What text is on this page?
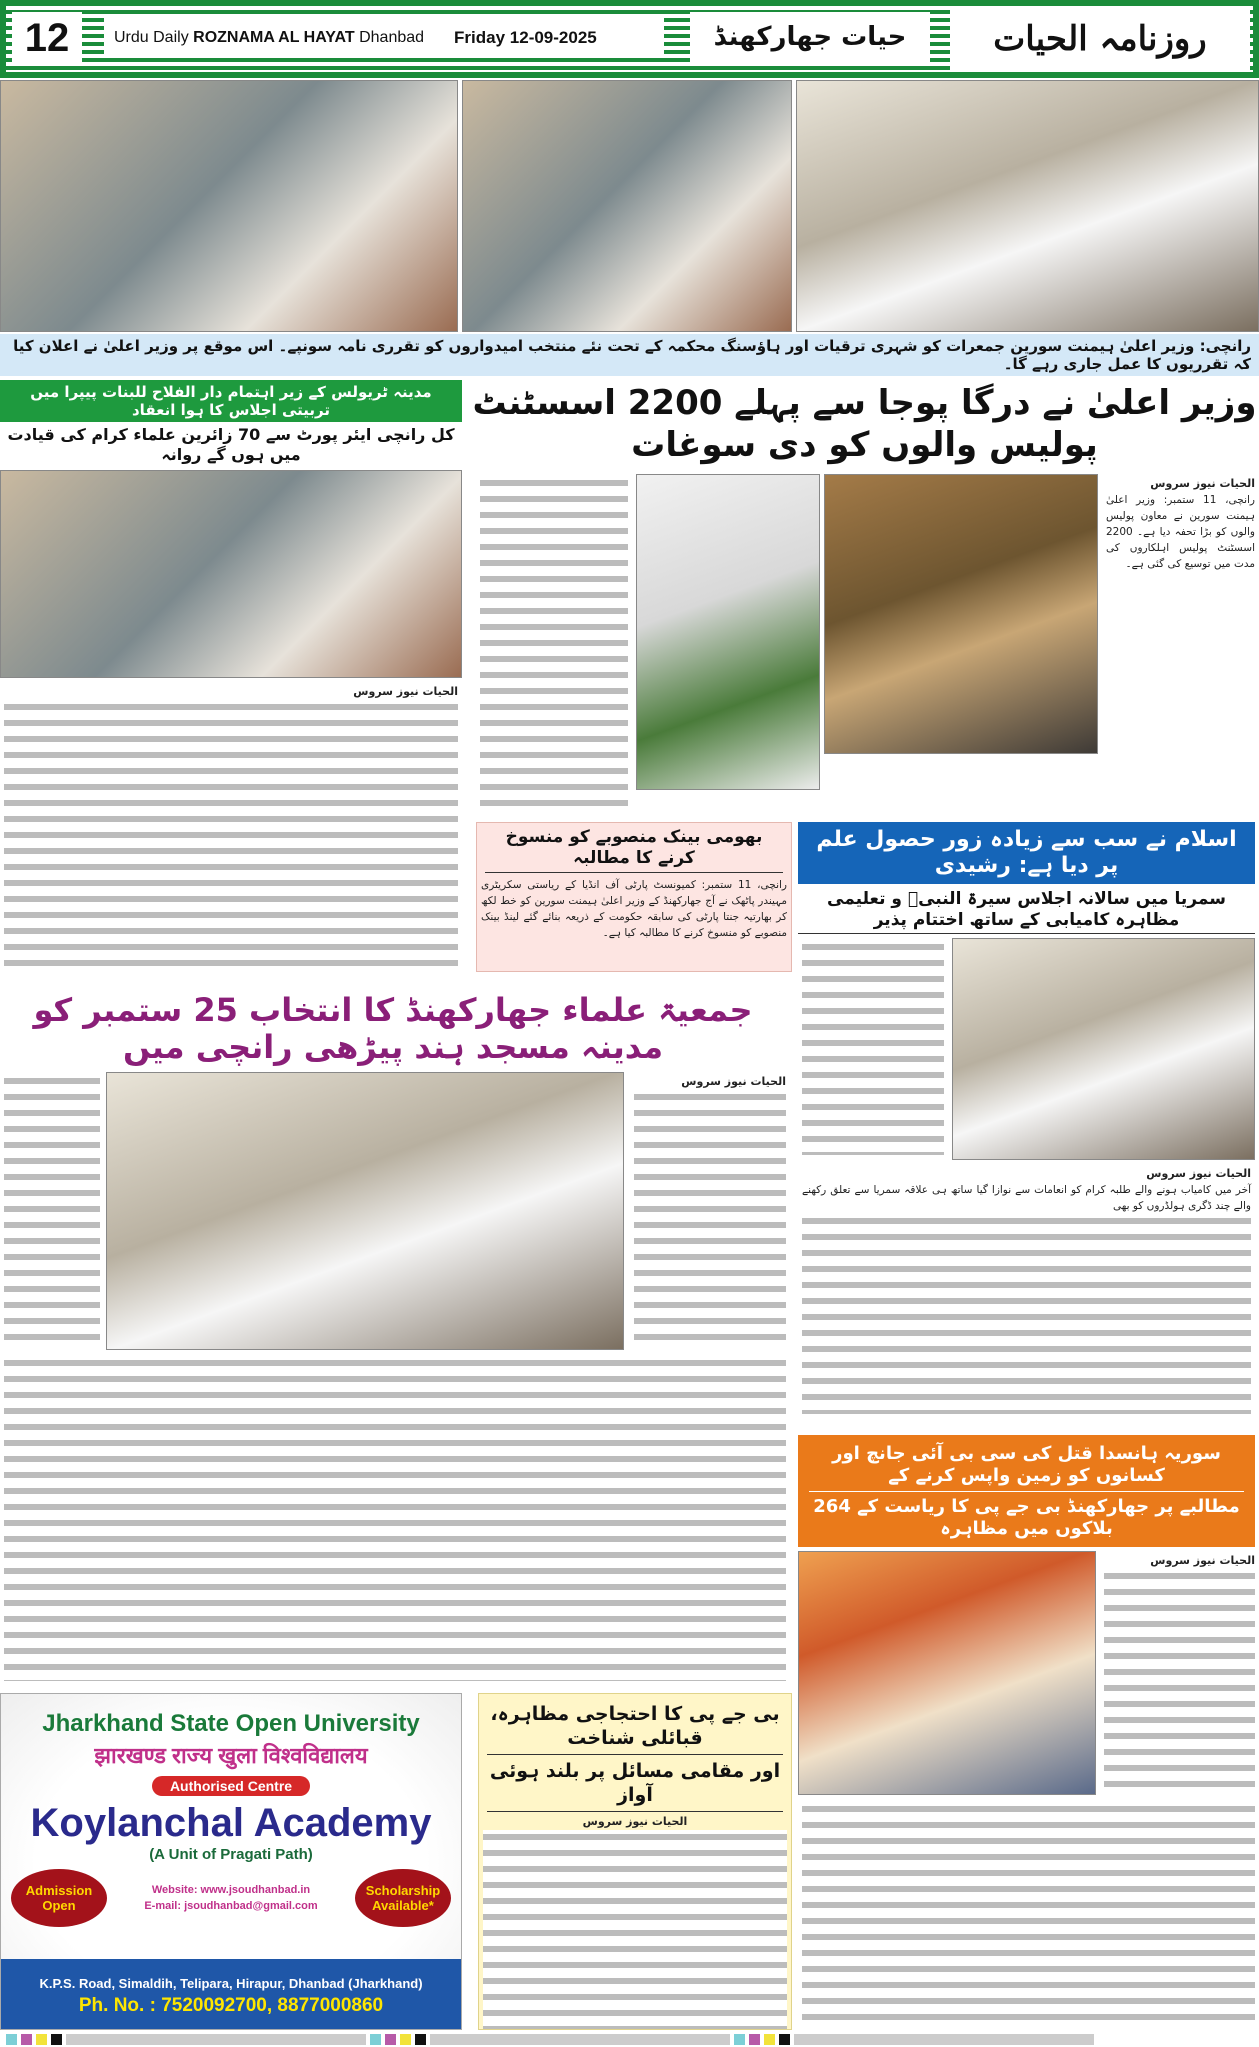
12	Urdu Daily ROZNAMA AL HAYAT Dhanbad Friday 12-09-2025	حیات جھارکھنڈ	روزنامہ الحیات
رانچی: وزیر اعلیٰ ہیمنت سورین جمعرات کو شہری ترقیات اور ہاؤسنگ محکمہ کے تحت نئے منتخب امیدواروں کو تقرری نامہ سونپے۔ اس موقع پر وزیر اعلیٰ نے اعلان کیا کہ تقرریوں کا عمل جاری رہے گا۔
مدینہ ٹریولس کے زیر اہتمام دار الفلاح للبنات پیپرا میں تربیتی اجلاس کا ہوا انعقاد
کل رانچی ایئر پورٹ سے 70 زائرین علماء کرام کی قیادت میں ہوں گے روانہ
الحیات نیوز سروس
وزیر اعلیٰ نے درگا پوجا سے پہلے 2200 اسسٹنٹ پولیس والوں کو دی سوغات
الحیات نیوز سروس
رانچی، 11 ستمبر: وزیر اعلیٰ ہیمنت سورین نے معاون پولیس والوں کو بڑا تحفہ دیا ہے۔ 2200 اسسٹنٹ پولیس اہلکاروں کی مدت میں توسیع کی گئی ہے۔
بھومی بینک منصوبے کو منسوخ کرنے کا مطالبہ
رانچی، 11 ستمبر: کمیونسٹ پارٹی آف انڈیا کے ریاستی سکریٹری مہیندر پاٹھک نے آج جھارکھنڈ کے وزیر اعلیٰ ہیمنت سورین کو خط لکھ کر بھارتیہ جنتا پارٹی کی سابقہ حکومت کے ذریعہ بنائے گئے لینڈ بینک منصوبے کو منسوخ کرنے کا مطالبہ کیا ہے۔
اسلام نے سب سے زیادہ زور حصول علم پر دیا ہے: رشیدی
سمریا میں سالانہ اجلاس سیرۃ النبیؐ و تعلیمی مظاہرہ کامیابی کے ساتھ اختتام پذیر
الحیات نیوز سروس
آخر میں کامیاب ہونے والے طلبہ کرام کو انعامات سے نوازا گیا ساتھ ہی علاقہ سمریا سے تعلق رکھنے والے چند ڈگری ہولڈروں کو بھی
جمعیۃ علماء جھارکھنڈ کا انتخاب 25 ستمبر کو مدینہ مسجد ہند پیڑھی رانچی میں
الحیات نیوز سروس
سوریہ ہانسدا قتل کی سی بی آئی جانچ اور کسانوں کو زمین واپس کرنے کے
مطالبے پر جھارکھنڈ بی جے پی کا ریاست کے 264 بلاکوں میں مظاہرہ
الحیات نیوز سروس
بی جے پی کا احتجاجی مظاہرہ، قبائلی شناخت
اور مقامی مسائل پر بلند ہوئی آواز
الحیات نیوز سروس
Jharkhand State Open University
झारखण्ड राज्य खुला विश्वविद्यालय
Authorised Centre
Koylanchal Academy
(A Unit of Pragati Path)
Admission
Open
Website: www.jsoudhanbad.in
E-mail: jsoudhanbad@gmail.com
Scholarship
Available*
K.P.S. Road, Simaldih, Telipara, Hirapur, Dhanbad (Jharkhand)
Ph. No. : 7520092700, 8877000860
